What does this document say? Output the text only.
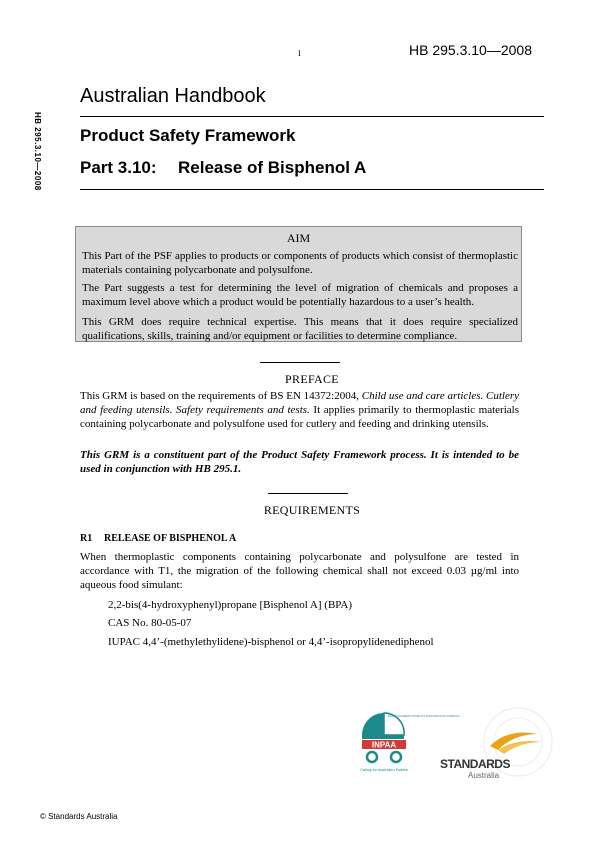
I	HB 295.3.10—2008
HB 295.3.10—2008
Australian Handbook
Product Safety Framework
Part 3.10: Release of Bisphenol A
AIM
This Part of the PSF applies to products or components of products which consist of thermoplastic materials containing polycarbonate and polysulfone.
The Part suggests a test for determining the level of migration of chemicals and proposes a maximum level above which a product would be potentially hazardous to a user’s health.
This GRM does require technical expertise. This means that it does require specialized qualifications, skills, training and/or equipment or facilities to determine compliance.
PREFACE
This GRM is based on the requirements of BS EN 14372:2004, Child use and care articles. Cutlery and feeding utensils. Safety requirements and tests. It applies primarily to thermoplastic materials containing polycarbonate and polysulfone used for cutlery and feeding and drinking utensils.
This GRM is a constituent part of the Product Safety Framework process. It is intended to be used in conjunction with HB 295.1.
REQUIREMENTS
R1 RELEASE OF BISPHENOL A
When thermoplastic components containing polycarbonate and polysulfone are tested in accordance with T1, the migration of the following chemical shall not exceed 0.03 µg/ml into aqueous food simulant:
2,2-bis(4-hydroxyphenyl)propane [Bisphenol A] (BPA)
CAS No. 80-05-07
IUPAC 4,4’-(methylethylidene)-bisphenol or 4,4’-isopropylidenediphenol
INFANT & NURSERY PRODUCTS ASSOCIATION OF AUSTRALIA
INPAA
Caring for Australia's Babies	STANDARDS
Australia
© Standards Australia
